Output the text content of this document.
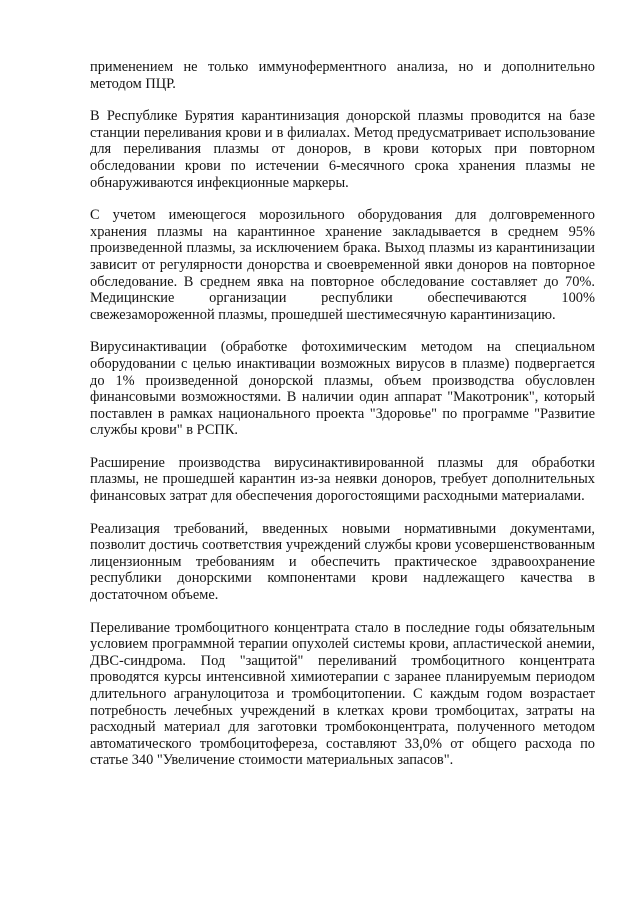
применением не только иммуноферментного анализа, но и дополнительно методом ПЦР.

В Республике Бурятия карантинизация донорской плазмы проводится на базе станции переливания крови и в филиалах. Метод предусматривает использование для переливания плазмы от доноров, в крови которых при повторном обследовании крови по истечении 6-месячного срока хранения плазмы не обнаруживаются инфекционные маркеры.

С учетом имеющегося морозильного оборудования для долговременного хранения плазмы на карантинное хранение закладывается в среднем 95% произведенной плазмы, за исключением брака. Выход плазмы из карантинизации зависит от регулярности донорства и своевременной явки доноров на повторное обследование. В среднем явка на повторное обследование составляет до 70%. Медицинские организации республики обеспечиваются 100% свежезамороженной плазмы, прошедшей шестимесячную карантинизацию.

Вирусинактивации (обработке фотохимическим методом на специальном оборудовании с целью инактивации возможных вирусов в плазме) подвергается до 1% произведенной донорской плазмы, объем производства обусловлен финансовыми возможностями. В наличии один аппарат "Макотроник", который поставлен в рамках национального проекта "Здоровье" по программе "Развитие службы крови" в РСПК.

Расширение производства вирусинактивированной плазмы для обработки плазмы, не прошедшей карантин из-за неявки доноров, требует дополнительных финансовых затрат для обеспечения дорогостоящими расходными материалами.

Реализация требований, введенных новыми нормативными документами, позволит достичь соответствия учреждений службы крови усовершенствованным лицензионным требованиям и обеспечить практическое здравоохранение республики донорскими компонентами крови надлежащего качества в достаточном объеме.

Переливание тромбоцитного концентрата стало в последние годы обязательным условием программной терапии опухолей системы крови, апластической анемии, ДВС-синдрома. Под "защитой" переливаний тромбоцитного концентрата проводятся курсы интенсивной химиотерапии с заранее планируемым периодом длительного агранулоцитоза и тромбоцитопении. С каждым годом возрастает потребность лечебных учреждений в клетках крови тромбоцитах, затраты на расходный материал для заготовки тромбоконцентрата, полученного методом автоматического тромбоцитофереза, составляют 33,0% от общего расхода по статье 340 "Увеличение стоимости материальных запасов".
